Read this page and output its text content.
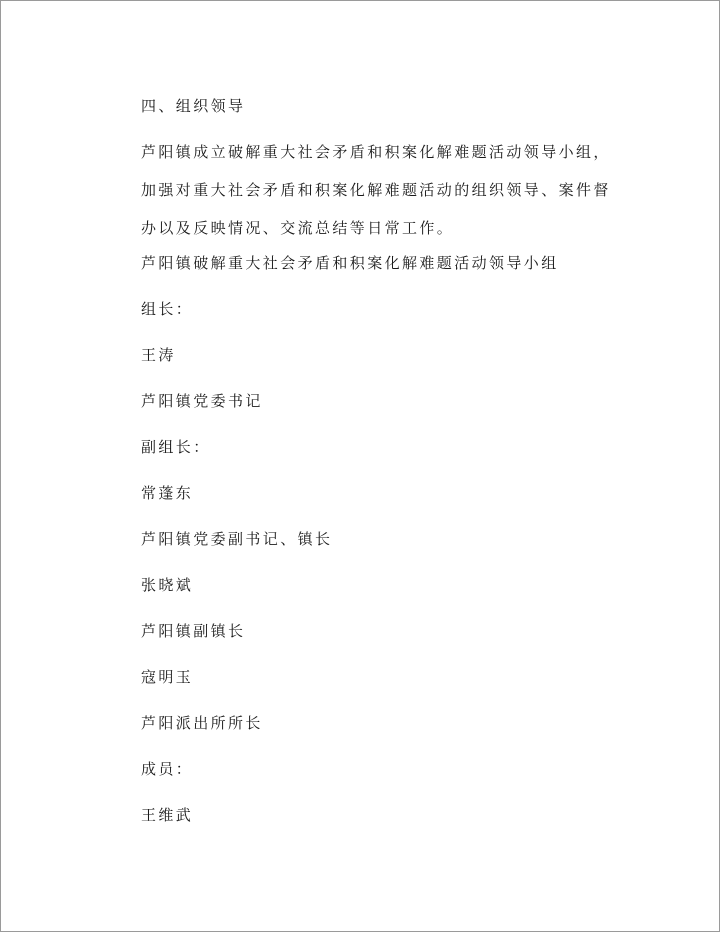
四、组织领导

芦阳镇成立破解重大社会矛盾和积案化解难题活动领导小组，加强对重大社会矛盾和积案化解难题活动的组织领导、案件督办以及反映情况、交流总结等日常工作。

芦阳镇破解重大社会矛盾和积案化解难题活动领导小组
组长：
王涛
芦阳镇党委书记
副组长：
常蓬东
芦阳镇党委副书记、镇长
张晓斌
芦阳镇副镇长
寇明玉
芦阳派出所所长
成员：
王维武
